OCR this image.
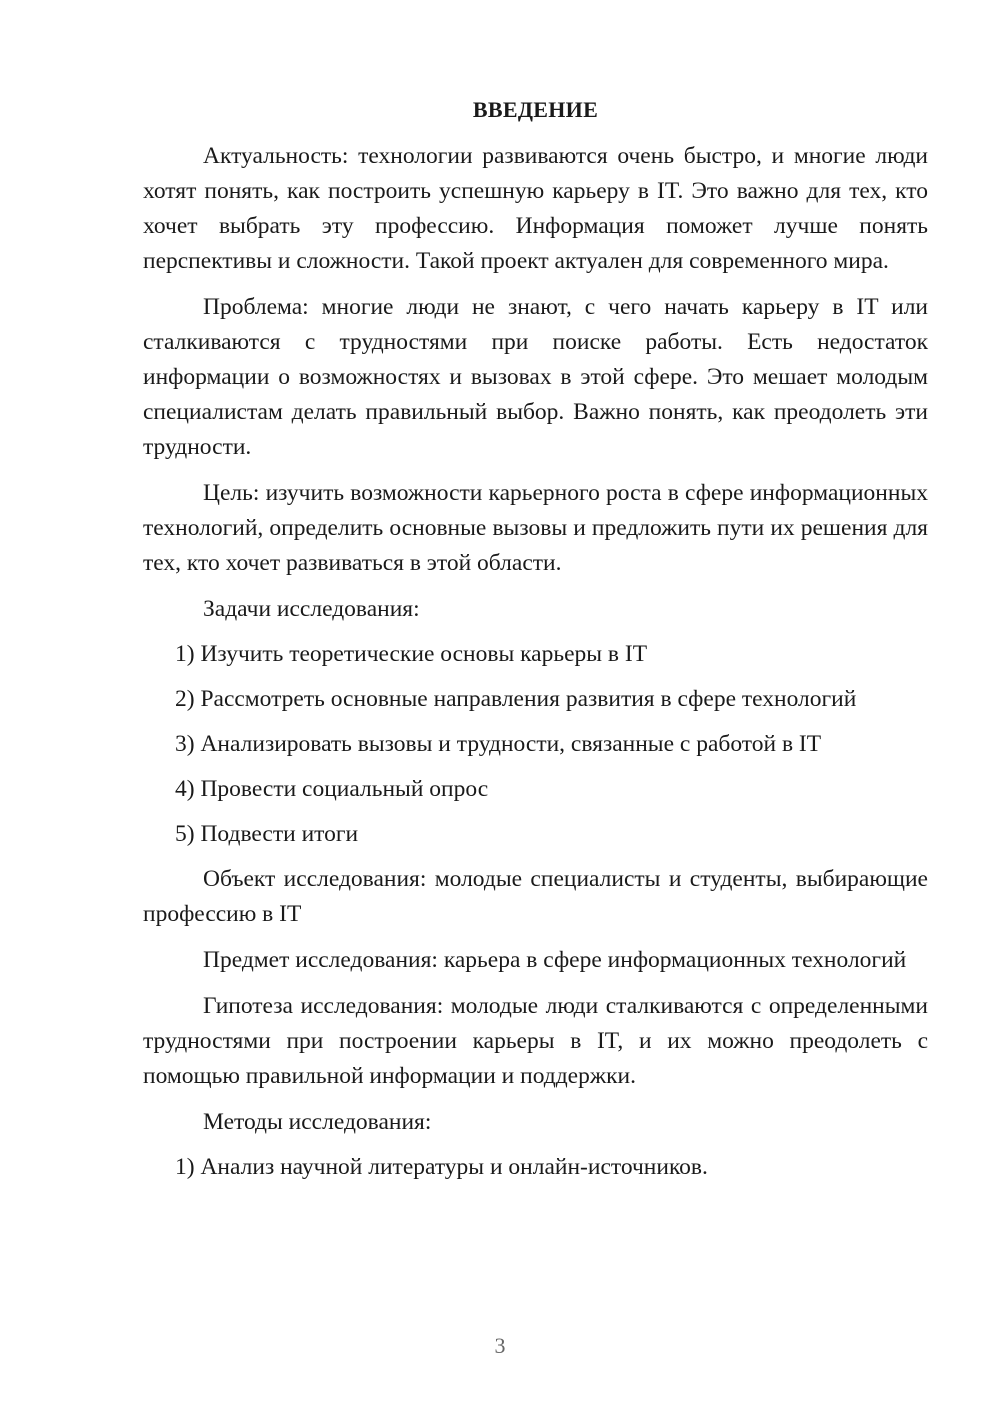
ВВЕДЕНИЕ

Актуальность: технологии развиваются очень быстро, и многие люди хотят понять, как построить успешную карьеру в IT. Это важно для тех, кто хочет выбрать эту профессию. Информация поможет лучше понять перспективы и сложности. Такой проект актуален для современного мира.

Проблема: многие люди не знают, с чего начать карьеру в IT или сталкиваются с трудностями при поиске работы. Есть недостаток информации о возможностях и вызовах в этой сфере. Это мешает молодым специалистам делать правильный выбор. Важно понять, как преодолеть эти трудности.

Цель: изучить возможности карьерного роста в сфере информационных технологий, определить основные вызовы и предложить пути их решения для тех, кто хочет развиваться в этой области.

Задачи исследования:

1) Изучить теоретические основы карьеры в IT

2) Рассмотреть основные направления развития в сфере технологий

3) Анализировать вызовы и трудности, связанные с работой в IT

4) Провести социальный опрос

5) Подвести итоги

Объект исследования: молодые специалисты и студенты, выбирающие профессию в IT

Предмет исследования: карьера в сфере информационных технологий

Гипотеза исследования: молодые люди сталкиваются с определенными трудностями при построении карьеры в IT, и их можно преодолеть с помощью правильной информации и поддержки.

Методы исследования:

1) Анализ научной литературы и онлайн-источников.

3
